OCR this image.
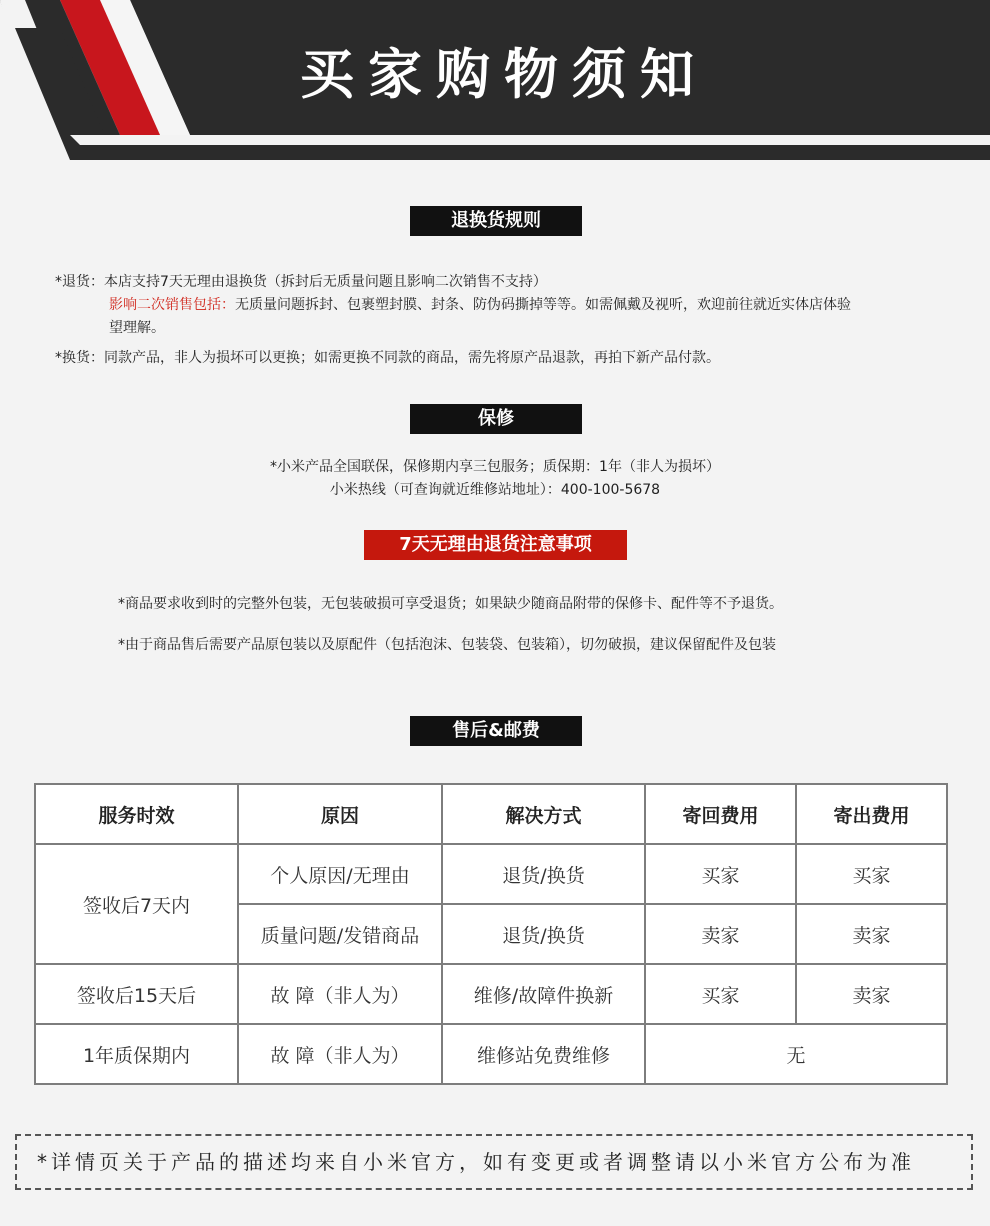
买家购物须知
退换货规则
*退货：本店支持7天无理由退换货（拆封后无质量问题且影响二次销售不支持）
影响二次销售包括：无质量问题拆封、包裹塑封膜、封条、防伪码撕掉等等。如需佩戴及视听，欢迎前往就近实体店体验
望理解。
*换货：同款产品，非人为损坏可以更换；如需更换不同款的商品，需先将原产品退款，再拍下新产品付款。
保修
*小米产品全国联保，保修期内享三包服务；质保期：1年（非人为损坏）
小米热线（可查询就近维修站地址）：400-100-5678
7天无理由退货注意事项
*商品要求收到时的完整外包装，无包装破损可享受退货；如果缺少随商品附带的保修卡、配件等不予退货。
*由于商品售后需要产品原包装以及原配件（包括泡沫、包装袋、包装箱），切勿破损，建议保留配件及包装
售后&邮费
服务时效	原因	解决方式	寄回费用	寄出费用
签收后7天内	个人原因/无理由	退货/换货	买家	买家
	质量问题/发错商品	退货/换货	卖家	卖家
签收后15天后	故 障（非人为）	维修/故障件换新	买家	卖家
1年质保期内	故 障（非人为）	维修站免费维修	无	
*详情页关于产品的描述均来自小米官方，如有变更或者调整请以小米官方公布为准
